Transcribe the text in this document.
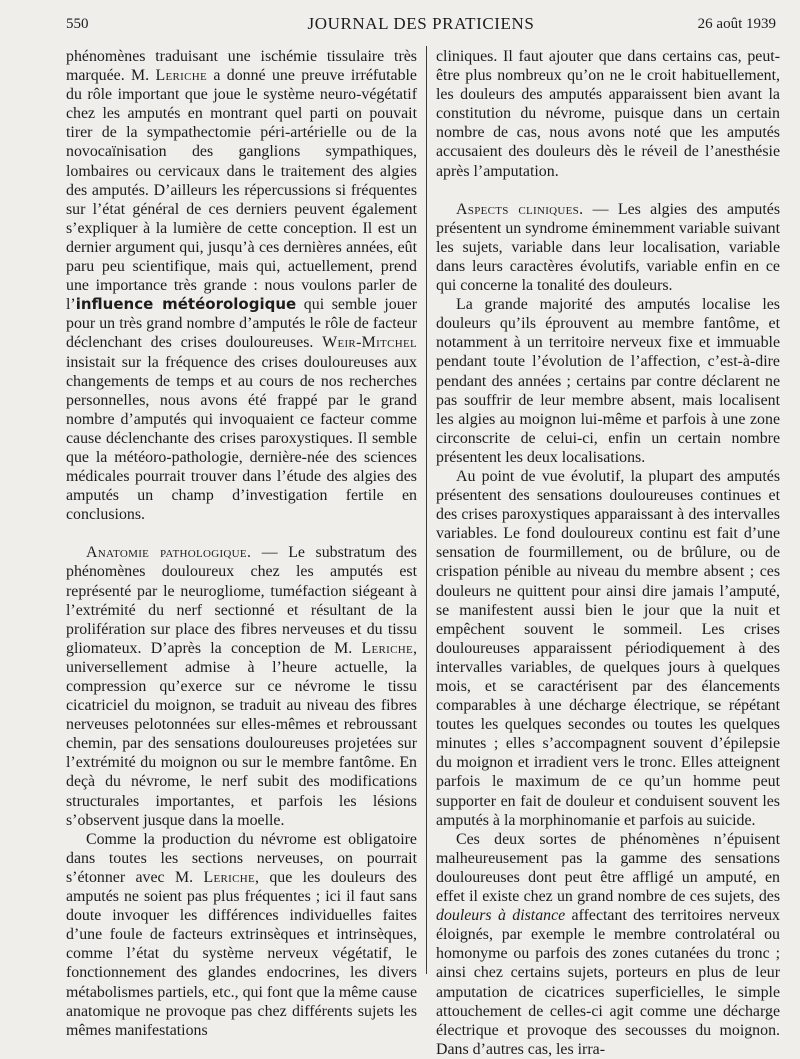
550	JOURNAL DES PRATICIENS	26 août 1939

phénomènes traduisant une ischémie tissulaire très marquée. M. Leriche a donné une preuve irréfutable du rôle important que joue le système neuro-végétatif chez les amputés en montrant quel parti on pouvait tirer de la sympathectomie péri-artérielle ou de la novocaïnisation des ganglions sympathiques, lombaires ou cervicaux dans le traitement des algies des amputés. D’ailleurs les répercussions si fréquentes sur l’état général de ces derniers peuvent également s’expliquer à la lumière de cette conception. Il est un dernier argument qui, jusqu’à ces dernières années, eût paru peu scientifique, mais qui, actuellement, prend une importance très grande : nous voulons parler de l’influence météorologique qui semble jouer pour un très grand nombre d’amputés le rôle de facteur déclenchant des crises douloureuses. Weir-Mitchel insistait sur la fréquence des crises douloureuses aux changements de temps et au cours de nos recherches personnelles, nous avons été frappé par le grand nombre d’amputés qui invoquaient ce facteur comme cause déclenchante des crises paroxystiques. Il semble que la météoro-pathologie, dernière-née des sciences médicales pourrait trouver dans l’étude des algies des amputés un champ d’investigation fertile en conclusions.

Anatomie pathologique. — Le substratum des phénomènes douloureux chez les amputés est représenté par le neurogliome, tuméfaction siégeant à l’extrémité du nerf sectionné et résultant de la prolifération sur place des fibres nerveuses et du tissu gliomateux. D’après la conception de M. Leriche, universellement admise à l’heure actuelle, la compression qu’exerce sur ce névrome le tissu cicatriciel du moignon, se traduit au niveau des fibres nerveuses pelotonnées sur elles-mêmes et rebroussant chemin, par des sensations douloureuses projetées sur l’extrémité du moignon ou sur le membre fantôme. En deçà du névrome, le nerf subit des modifications structurales importantes, et parfois les lésions s’observent jusque dans la moelle.

Comme la production du névrome est obligatoire dans toutes les sections nerveuses, on pourrait s’étonner avec M. Leriche, que les douleurs des amputés ne soient pas plus fréquentes ; ici il faut sans doute invoquer les différences individuelles faites d’une foule de facteurs extrinsèques et intrinsèques, comme l’état du système nerveux végétatif, le fonctionnement des glandes endocrines, les divers métabolismes partiels, etc., qui font que la même cause anatomique ne provoque pas chez différents sujets les mêmes manifestations

cliniques. Il faut ajouter que dans certains cas, peut-être plus nombreux qu’on ne le croit habituellement, les douleurs des amputés apparaissent bien avant la constitution du névrome, puisque dans un certain nombre de cas, nous avons noté que les amputés accusaient des douleurs dès le réveil de l’anesthésie après l’amputation.

Aspects cliniques. — Les algies des amputés présentent un syndrome éminemment variable suivant les sujets, variable dans leur localisation, variable dans leurs caractères évolutifs, variable enfin en ce qui concerne la tonalité des douleurs.

La grande majorité des amputés localise les douleurs qu’ils éprouvent au membre fantôme, et notamment à un territoire nerveux fixe et immuable pendant toute l’évolution de l’affection, c’est-à-dire pendant des années ; certains par contre déclarent ne pas souffrir de leur membre absent, mais localisent les algies au moignon lui-même et parfois à une zone circonscrite de celui-ci, enfin un certain nombre présentent les deux localisations.

Au point de vue évolutif, la plupart des amputés présentent des sensations douloureuses continues et des crises paroxystiques apparaissant à des intervalles variables. Le fond douloureux continu est fait d’une sensation de fourmillement, ou de brûlure, ou de crispation pénible au niveau du membre absent ; ces douleurs ne quittent pour ainsi dire jamais l’amputé, se manifestent aussi bien le jour que la nuit et empêchent souvent le sommeil. Les crises douloureuses apparaissent périodiquement à des intervalles variables, de quelques jours à quelques mois, et se caractérisent par des élancements comparables à une décharge électrique, se répétant toutes les quelques secondes ou toutes les quelques minutes ; elles s’accompagnent souvent d’épilepsie du moignon et irradient vers le tronc. Elles atteignent parfois le maximum de ce qu’un homme peut supporter en fait de douleur et conduisent souvent les amputés à la morphinomanie et parfois au suicide.

Ces deux sortes de phénomènes n’épuisent malheureusement pas la gamme des sensations douloureuses dont peut être affligé un amputé, en effet il existe chez un grand nombre de ces sujets, des douleurs à distance affectant des territoires nerveux éloignés, par exemple le membre controlatéral ou homonyme ou parfois des zones cutanées du tronc ; ainsi chez certains sujets, porteurs en plus de leur amputation de cicatrices superficielles, le simple attouchement de celles-ci agit comme une décharge électrique et provoque des secousses du moignon. Dans d’autres cas, les irra-
